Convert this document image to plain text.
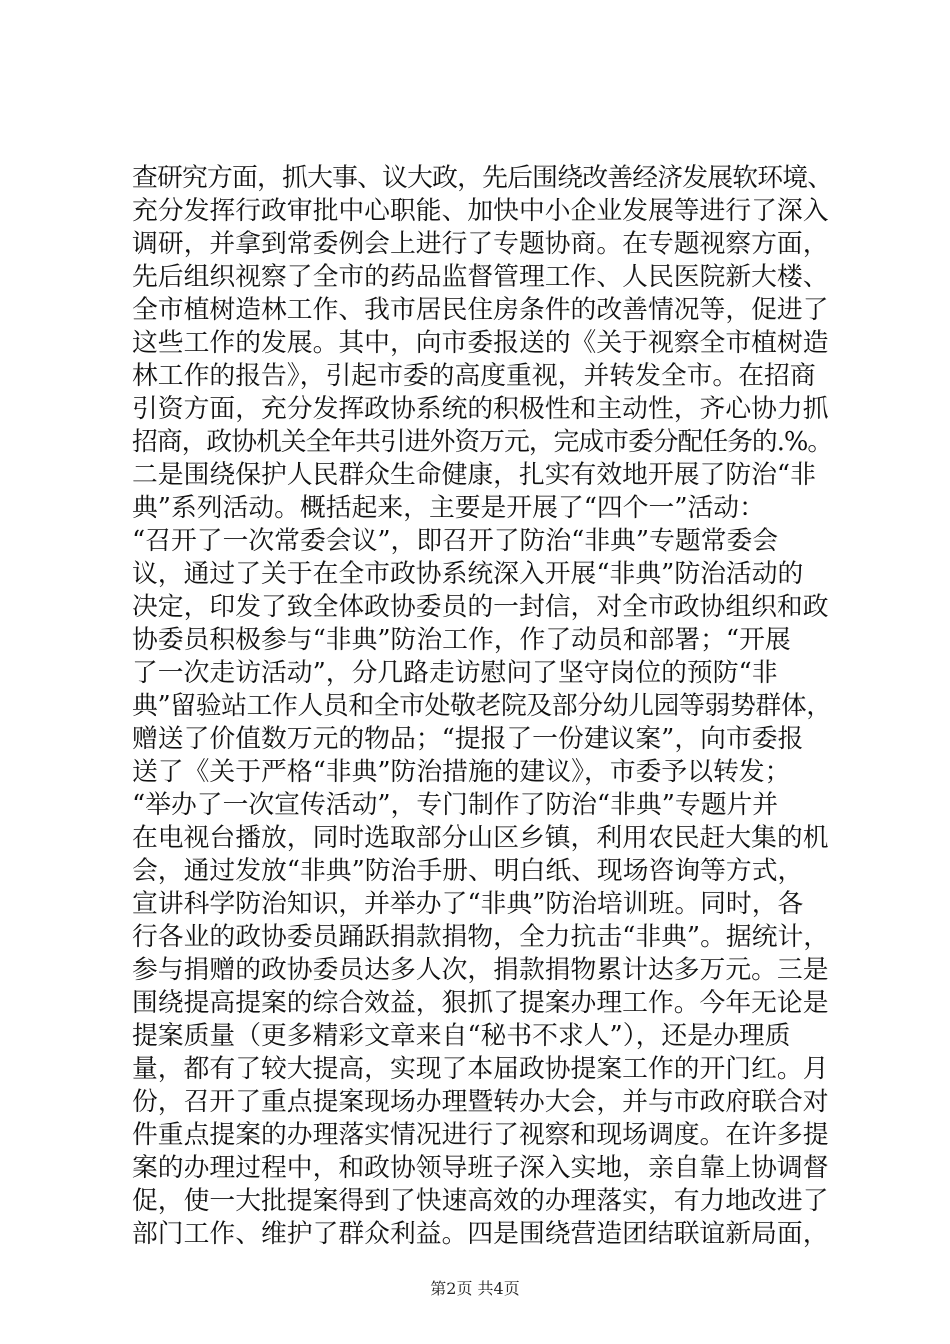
查研究方面，抓大事、议大政，先后围绕改善经济发展软环境、
充分发挥行政审批中心职能、加快中小企业发展等进行了深入
调研，并拿到常委例会上进行了专题协商。在专题视察方面，
先后组织视察了全市的药品监督管理工作、人民医院新大楼、
全市植树造林工作、我市居民住房条件的改善情况等，促进了
这些工作的发展。其中，向市委报送的《关于视察全市植树造
林工作的报告》，引起市委的高度重视，并转发全市。在招商
引资方面，充分发挥政协系统的积极性和主动性，齐心协力抓
招商，政协机关全年共引进外资万元，完成市委分配任务的.%。
二是围绕保护人民群众生命健康，扎实有效地开展了防治“非
典”系列活动。概括起来，主要是开展了“四个一”活动：
“召开了一次常委会议”，即召开了防治“非典”专题常委会
议，通过了关于在全市政协系统深入开展“非典”防治活动的
决定，印发了致全体政协委员的一封信，对全市政协组织和政
协委员积极参与“非典”防治工作，作了动员和部署；“开展
了一次走访活动”，分几路走访慰问了坚守岗位的预防“非
典”留验站工作人员和全市处敬老院及部分幼儿园等弱势群体，
赠送了价值数万元的物品；“提报了一份建议案”，向市委报
送了《关于严格“非典”防治措施的建议》，市委予以转发；
“举办了一次宣传活动”，专门制作了防治“非典”专题片并
在电视台播放，同时选取部分山区乡镇，利用农民赶大集的机
会，通过发放“非典”防治手册、明白纸、现场咨询等方式，
宣讲科学防治知识，并举办了“非典”防治培训班。同时，各
行各业的政协委员踊跃捐款捐物，全力抗击“非典”。据统计，
参与捐赠的政协委员达多人次，捐款捐物累计达多万元。三是
围绕提高提案的综合效益，狠抓了提案办理工作。今年无论是
提案质量（更多精彩文章来自“秘书不求人”），还是办理质
量，都有了较大提高，实现了本届政协提案工作的开门红。月
份，召开了重点提案现场办理暨转办大会，并与市政府联合对
件重点提案的办理落实情况进行了视察和现场调度。在许多提
案的办理过程中，和政协领导班子深入实地，亲自靠上协调督
促，使一大批提案得到了快速高效的办理落实，有力地改进了
部门工作、维护了群众利益。四是围绕营造团结联谊新局面，

第2页 共4页
